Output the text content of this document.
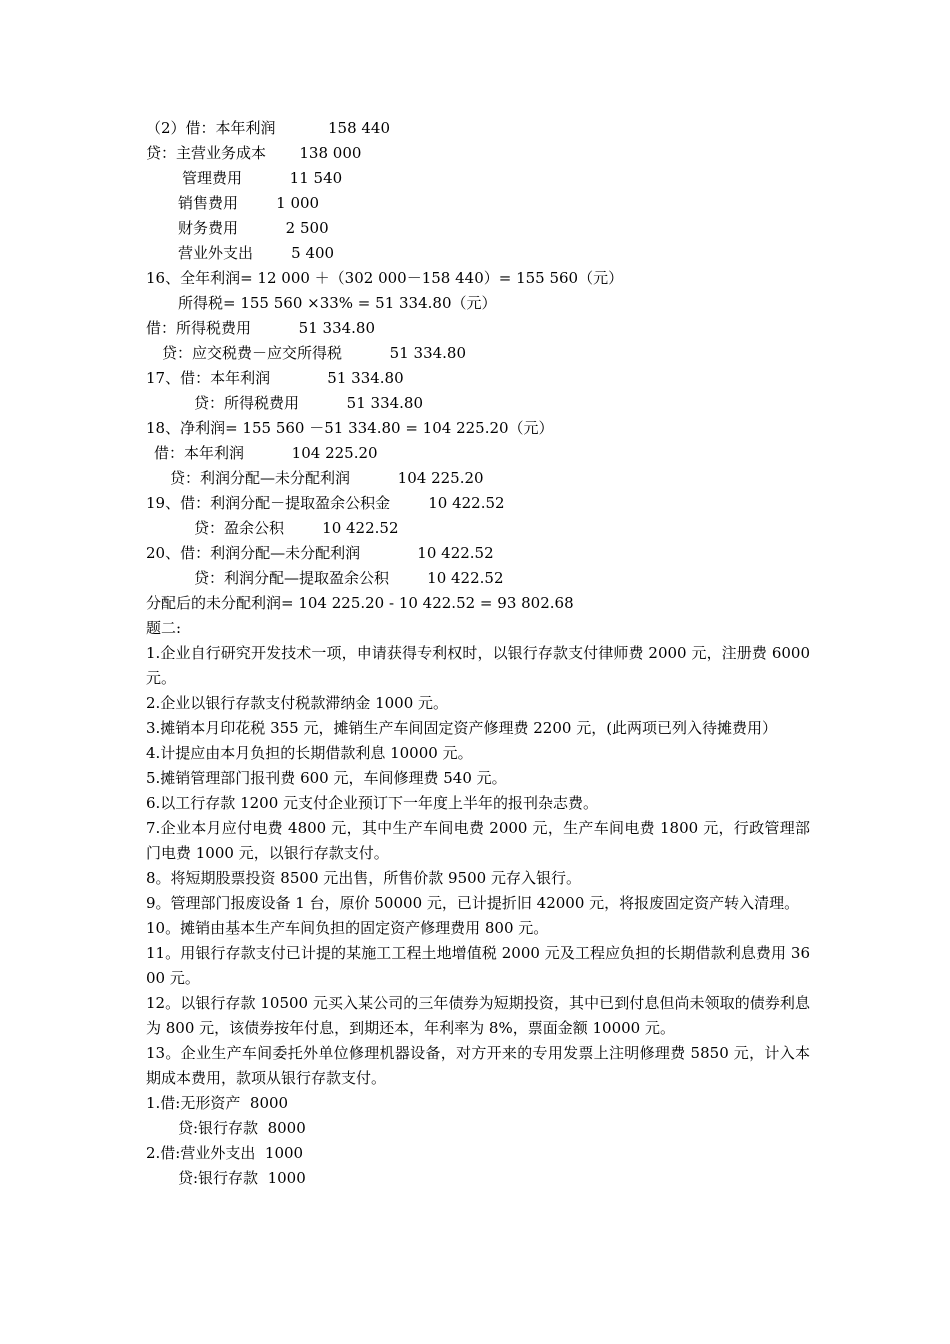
（2）借：本年利润           158 440
贷：主营业务成本       138 000
管理费用          11 540
销售费用        1 000
财务费用          2 500
营业外支出        5 400
16、全年利润= 12 000 ＋（302 000－158 440）= 155 560（元）
所得税= 155 560 ×33% = 51 334.80（元）
借：所得税费用          51 334.80
贷：应交税费－应交所得税          51 334.80
17、借：本年利润            51 334.80
贷：所得税费用          51 334.80
18、净利润= 155 560 －51 334.80 = 104 225.20（元）
借：本年利润          104 225.20
贷：利润分配—未分配利润          104 225.20
19、借：利润分配－提取盈余公积金        10 422.52
贷：盈余公积        10 422.52
20、借：利润分配—未分配利润            10 422.52
贷：利润分配—提取盈余公积        10 422.52
分配后的未分配利润= 104 225.20 - 10 422.52 = 93 802.68
题二:
1.企业自行研究开发技术一项，申请获得专利权时，以银行存款支付律师费 2000 元，注册费 6000 元。
2.企业以银行存款支付税款滞纳金 1000 元。
3.摊销本月印花税 355 元，摊销生产车间固定资产修理费 2200 元，(此两项已列入待摊费用）
4.计提应由本月负担的长期借款利息 10000 元。
5.摊销管理部门报刊费 600 元，车间修理费 540 元。
6.以工行存款 1200 元支付企业预订下一年度上半年的报刊杂志费。
7.企业本月应付电费 4800 元，其中生产车间电费 2000 元，生产车间电费 1800 元，行政管理部门电费 1000 元，以银行存款支付。
8。将短期股票投资 8500 元出售，所售价款 9500 元存入银行。
9。管理部门报废设备 1 台，原价 50000 元，已计提折旧 42000 元，将报废固定资产转入清理。
10。摊销由基本生产车间负担的固定资产修理费用 800 元。
11。用银行存款支付已计提的某施工工程土地增值税 2000 元及工程应负担的长期借款利息费用 3600 元。
12。以银行存款 10500 元买入某公司的三年债券为短期投资，其中已到付息但尚未领取的债券利息为 800 元，该债券按年付息，到期还本，年利率为 8%，票面金额 10000 元。
13。企业生产车间委托外单位修理机器设备，对方开来的专用发票上注明修理费 5850 元，计入本期成本费用，款项从银行存款支付。
1.借:无形资产  8000
贷:银行存款  8000
2.借:营业外支出  1000
贷:银行存款  1000
